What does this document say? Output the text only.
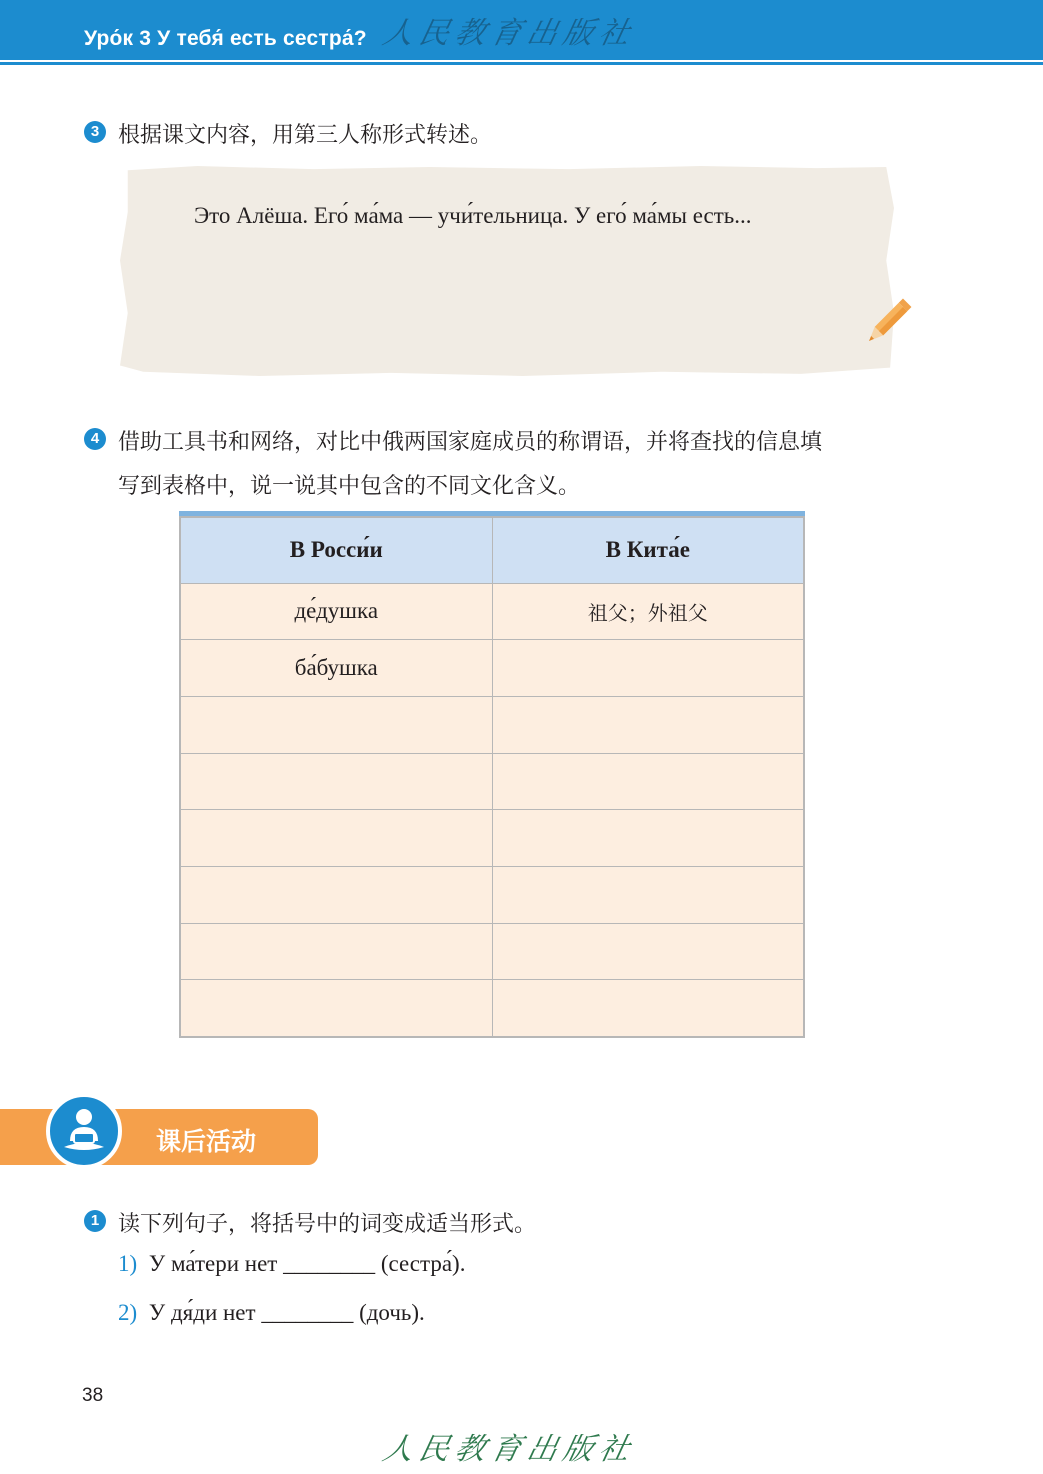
Уро́к 3 У тебя́ есть сестра́? 人民教育出版社
3 根据课文内容，用第三人称形式转述。
Это Алёша. Его́ ма́ма — учи́тельница. У его́ ма́мы есть...
4 借助工具书和网络，对比中俄两国家庭成员的称谓语，并将查找的信息填
写到表格中，说一说其中包含的不同文化含义。
В Росси́и	В Кита́е
де́душка	祖父；外祖父
ба́бушка	

课后活动
1 读下列句子，将括号中的词变成适当形式。
1) У ма́тери нет ________ (сестра́).
2) У дя́ди нет ________ (дочь).
38
人民教育出版社
